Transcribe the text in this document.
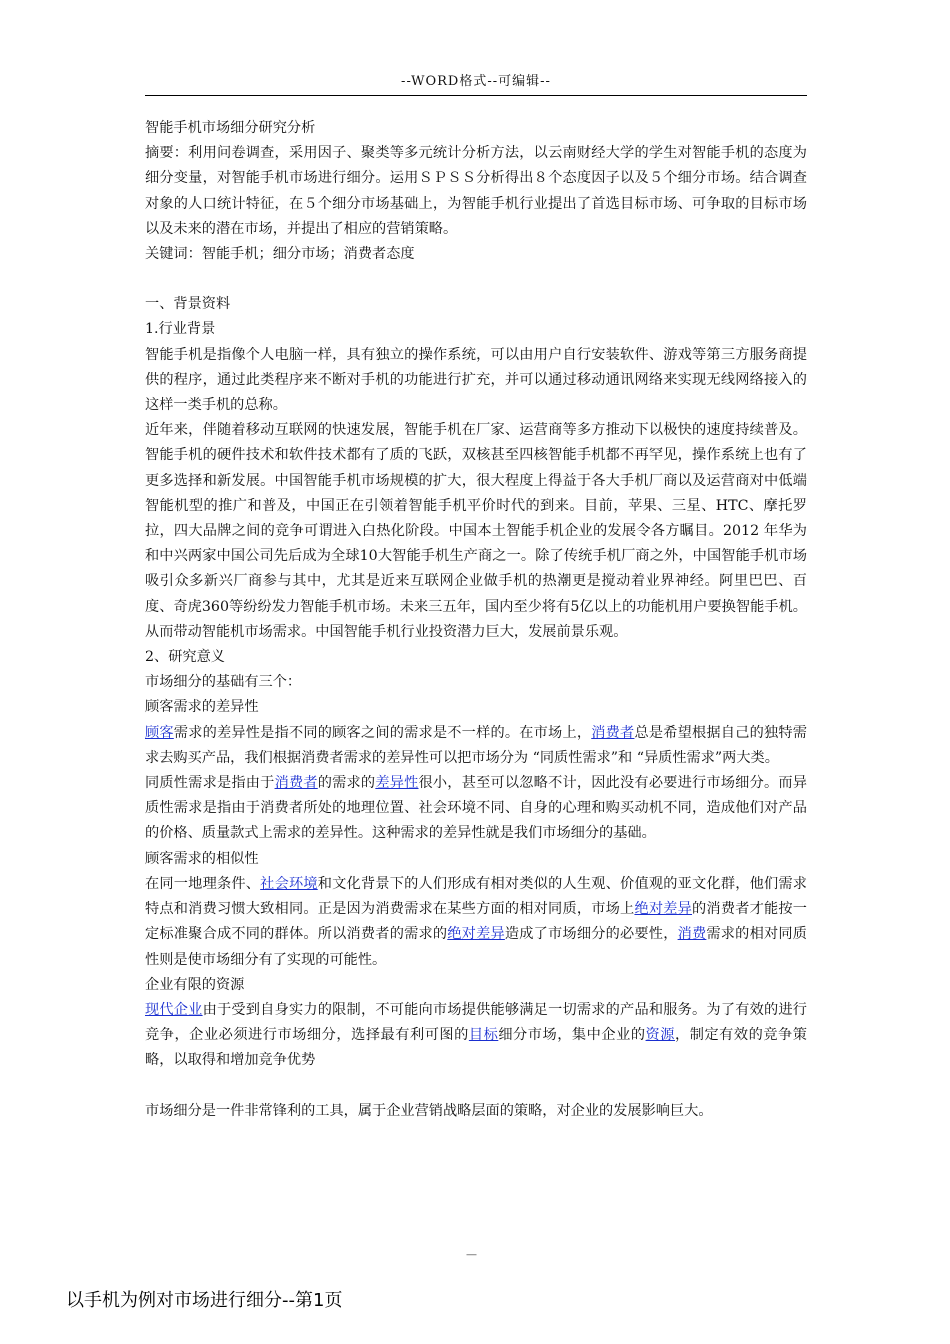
--WORD格式--可编辑--

智能手机市场细分研究分析

摘要：利用问卷调查，采用因子、聚类等多元统计分析方法，以云南财经大学的学生对智能手机的态度为细分变量，对智能手机市场进行细分。运用ＳＰＳＳ分析得出８个态度因子以及５个细分市场。结合调查对象的人口统计特征，在５个细分市场基础上，为智能手机行业提出了首选目标市场、可争取的目标市场以及未来的潜在市场，并提出了相应的营销策略。

关键词：智能手机；细分市场；消费者态度

一、背景资料

1.行业背景

智能手机是指像个人电脑一样，具有独立的操作系统，可以由用户自行安装软件、游戏等第三方服务商提供的程序，通过此类程序来不断对手机的功能进行扩充，并可以通过移动通讯网络来实现无线网络接入的这样一类手机的总称。

近年来，伴随着移动互联网的快速发展，智能手机在厂家、运营商等多方推动下以极快的速度持续普及。智能手机的硬件技术和软件技术都有了质的飞跃，双核甚至四核智能手机都不再罕见，操作系统上也有了更多选择和新发展。中国智能手机市场规模的扩大，很大程度上得益于各大手机厂商以及运营商对中低端智能机型的推广和普及，中国正在引领着智能手机平价时代的到来。目前，苹果、三星、HTC、摩托罗拉，四大品牌之间的竞争可谓进入白热化阶段。中国本土智能手机企业的发展令各方瞩目。2012 年华为和中兴两家中国公司先后成为全球10大智能手机生产商之一。除了传统手机厂商之外，中国智能手机市场吸引众多新兴厂商参与其中，尤其是近来互联网企业做手机的热潮更是搅动着业界神经。阿里巴巴、百度、奇虎360等纷纷发力智能手机市场。未来三五年，国内至少将有5亿以上的功能机用户要换智能手机。从而带动智能机市场需求。中国智能手机行业投资潜力巨大，发展前景乐观。

2、研究意义

市场细分的基础有三个：

顾客需求的差异性

顾客需求的差异性是指不同的顾客之间的需求是不一样的。在市场上，消费者总是希望根据自己的独特需求去购买产品，我们根据消费者需求的差异性可以把市场分为 “同质性需求”和 “异质性需求”两大类。

同质性需求是指由于消费者的需求的差异性很小，甚至可以忽略不计，因此没有必要进行市场细分。而异质性需求是指由于消费者所处的地理位置、社会环境不同、自身的心理和购买动机不同，造成他们对产品的价格、质量款式上需求的差异性。这种需求的差异性就是我们市场细分的基础。

顾客需求的相似性

在同一地理条件、社会环境和文化背景下的人们形成有相对类似的人生观、价值观的亚文化群，他们需求特点和消费习惯大致相同。正是因为消费需求在某些方面的相对同质，市场上绝对差异的消费者才能按一定标准聚合成不同的群体。所以消费者的需求的绝对差异造成了市场细分的必要性，消费需求的相对同质性则是使市场细分有了实现的可能性。

企业有限的资源

现代企业由于受到自身实力的限制，不可能向市场提供能够满足一切需求的产品和服务。为了有效的进行竞争，企业必须进行市场细分，选择最有利可图的目标细分市场，集中企业的资源，制定有效的竞争策略，以取得和增加竞争优势

市场细分是一件非常锋利的工具，属于企业营销战略层面的策略，对企业的发展影响巨大。

—
以手机为例对市场进行细分--第1页
